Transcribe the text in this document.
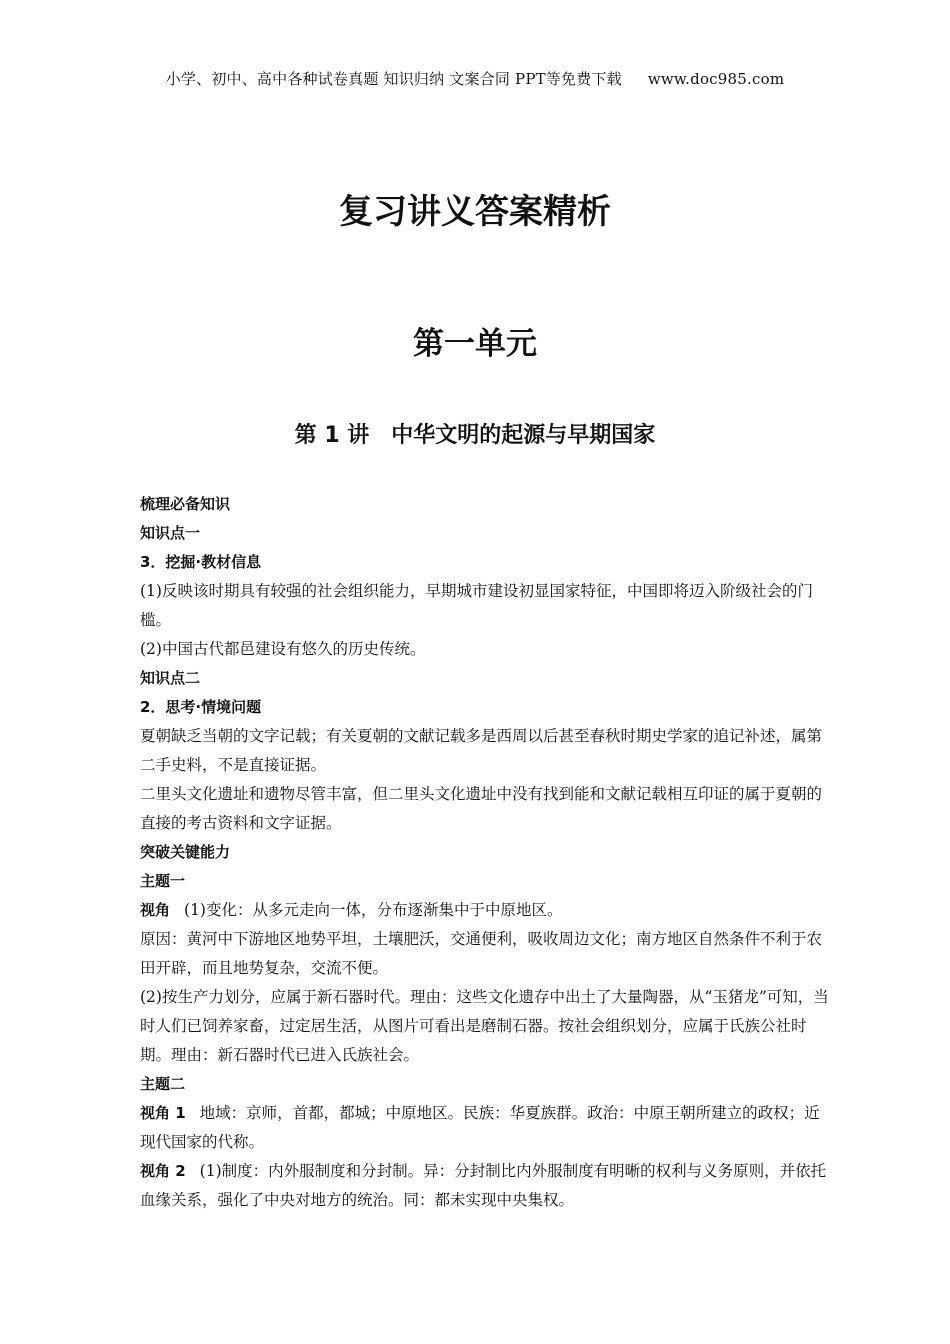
小学、初中、高中各种试卷真题 知识归纳 文案合同 PPT等免费下载 www.doc985.com
复习讲义答案精析
第一单元
第 1 讲　中华文明的起源与早期国家

梳理必备知识

知识点一

3．挖掘·教材信息

(1)反映该时期具有较强的社会组织能力，早期城市建设初显国家特征，中国即将迈入阶级社会的门槛。

(2)中国古代都邑建设有悠久的历史传统。

知识点二

2．思考·情境问题

夏朝缺乏当朝的文字记载；有关夏朝的文献记载多是西周以后甚至春秋时期史学家的追记补述，属第二手史料，不是直接证据。

二里头文化遗址和遗物尽管丰富，但二里头文化遗址中没有找到能和文献记载相互印证的属于夏朝的直接的考古资料和文字证据。

突破关键能力

主题一

视角 (1)变化：从多元走向一体，分布逐渐集中于中原地区。

原因：黄河中下游地区地势平坦，土壤肥沃，交通便利，吸收周边文化；南方地区自然条件不利于农田开辟，而且地势复杂，交流不便。

(2)按生产力划分，应属于新石器时代。理由：这些文化遗存中出土了大量陶器，从“玉猪龙”可知，当时人们已饲养家畜，过定居生活，从图片可看出是磨制石器。按社会组织划分，应属于氏族公社时期。理由：新石器时代已进入氏族社会。

主题二

视角 1 地域：京师，首都，都城；中原地区。民族：华夏族群。政治：中原王朝所建立的政权；近现代国家的代称。

视角 2 (1)制度：内外服制度和分封制。异：分封制比内外服制度有明晰的权利与义务原则，并依托血缘关系，强化了中央对地方的统治。同：都未实现中央集权。
